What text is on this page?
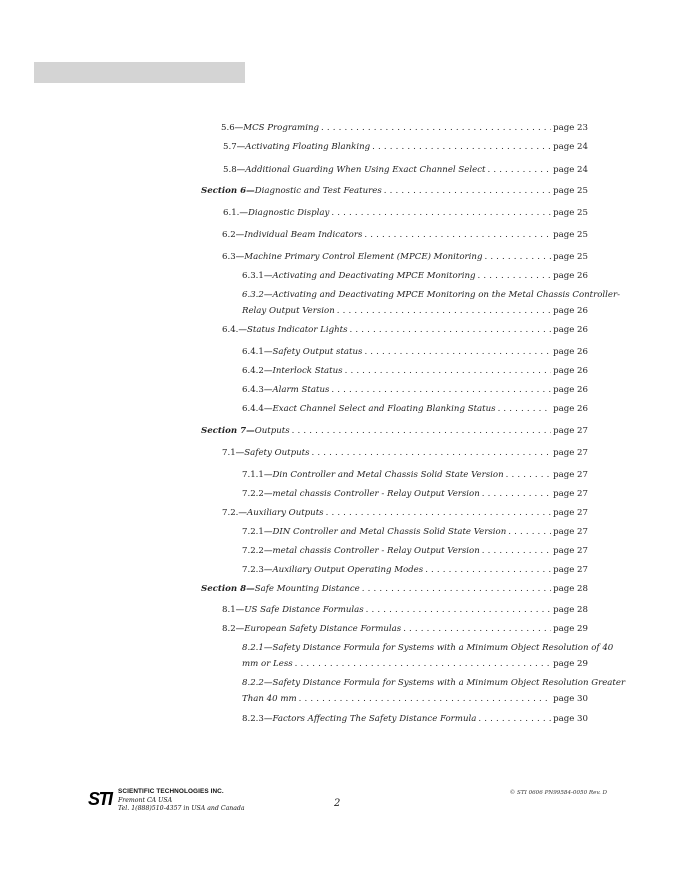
5.6 — MCS Programing . . .	page 23
5.7 — Activating Floating Blanking . . .	page 24
5.8 — Additional Guarding When Using Exact Channel Select . . .	page 24
Section 6 — Diagnostic and Test Features . . .	page 25
6.1. — Diagnostic Display . . .	page 25
6.2 — Individual Beam Indicators . . .	page 25
6.3 — Machine Primary Control Element (MPCE) Monitoring . . .	page 25
6.3.1 — Activating and Deactivating MPCE Monitoring . . .	page 26
6.3.2—Activating and Deactivating MPCE Monitoring on the Metal Chassis Controller-
Relay Output Version . . .	page 26
6.4. — Status Indicator Lights . . .	page 26
6.4.1 — Safety Output status . . .	page 26
6.4.2 — Interlock Status . . .	page 26
6.4.3 — Alarm Status . . .	page 26
6.4.4 — Exact Channel Select and Floating Blanking Status . . .	page 26
Section 7 — Outputs . . .	page 27
7.1 — Safety Outputs . . .	page 27
7.1.1 — Din Controller and Metal Chassis Solid State Version . . .	page 27
7.2.2 — metal chassis Controller - Relay Output Version . . .	page 27
7.2. — Auxiliary Outputs . . .	page 27
7.2.1 — DIN Controller and Metal Chassis Solid State Version . . .	page 27
7.2.2 — metal chassis Controller - Relay Output Version . . .	page 27
7.2.3 — Auxiliary Output Operating Modes . . .	page 27
Section 8 — Safe Mounting Distance . . .	page 28
8.1 — US Safe Distance Formulas . . .	page 28
8.2 — European Safety Distance Formulas . . .	page 29
8.2.1—Safety Distance Formula for Systems with a Minimum Object Resolution of 40
mm or Less . . .	page 29
8.2.2—Safety Distance Formula for Systems with a Minimum Object Resolution Greater
Than 40 mm . . .	page 30
8.2.3 — Factors Affecting The Safety Distance Formula . . .	page 30
STI	SCIENTIFIC TECHNOLOGIES INC.
Fremont CA USA
Tel. 1(888)510-4357 in USA and Canada	2
© STI 0606 PN99584-0050 Rev. D
